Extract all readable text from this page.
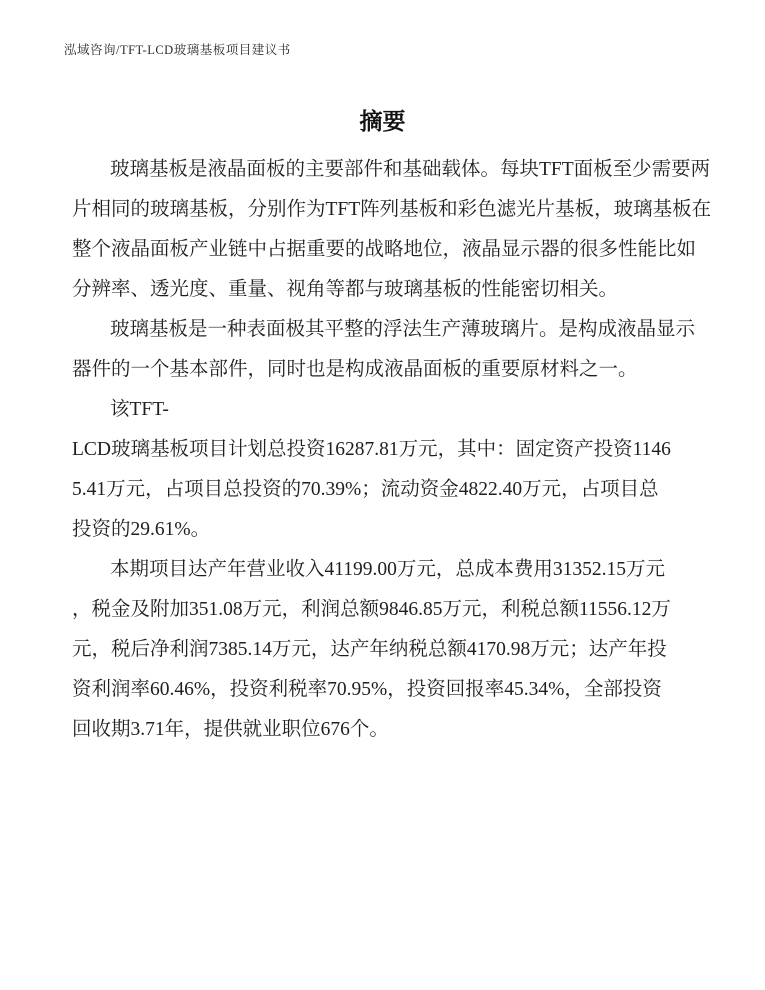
泓域咨询/TFT-LCD玻璃基板项目建议书
摘要
玻璃基板是液晶面板的主要部件和基础载体。每块TFT面板至少需要两
片相同的玻璃基板，分别作为TFT阵列基板和彩色滤光片基板，玻璃基板在
整个液晶面板产业链中占据重要的战略地位，液晶显示器的很多性能比如
分辨率、透光度、重量、视角等都与玻璃基板的性能密切相关。
玻璃基板是一种表面极其平整的浮法生产薄玻璃片。是构成液晶显示
器件的一个基本部件，同时也是构成液晶面板的重要原材料之一。
该TFT-
LCD玻璃基板项目计划总投资16287.81万元，其中：固定资产投资1146
5.41万元，占项目总投资的70.39%；流动资金4822.40万元，占项目总
投资的29.61%。
本期项目达产年营业收入41199.00万元，总成本费用31352.15万元
，税金及附加351.08万元，利润总额9846.85万元，利税总额11556.12万
元，税后净利润7385.14万元，达产年纳税总额4170.98万元；达产年投
资利润率60.46%，投资利税率70.95%，投资回报率45.34%，全部投资
回收期3.71年，提供就业职位676个。
